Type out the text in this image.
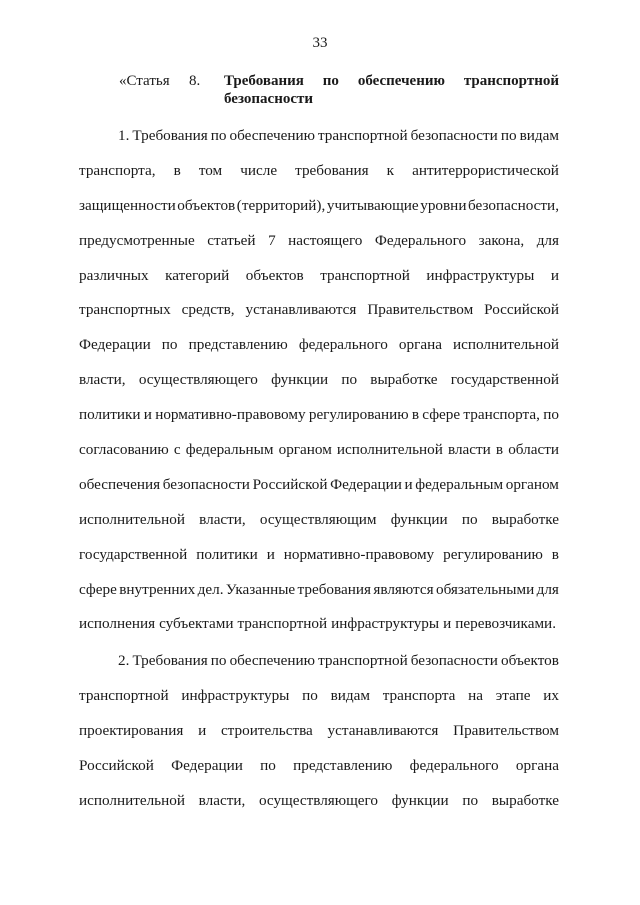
33
«Статья 8. Требования по обеспечению транспортной
безопасности
1. Требования по обеспечению транспортной безопасности по видам
транспорта, в том числе требования к антитеррористической
защищенности объектов (территорий), учитывающие уровни безопасности,
предусмотренные статьей 7 настоящего Федерального закона, для
различных категорий объектов транспортной инфраструктуры и
транспортных средств, устанавливаются Правительством Российской
Федерации по представлению федерального органа исполнительной
власти, осуществляющего функции по выработке государственной
политики и нормативно-правовому регулированию в сфере транспорта, по
согласованию с федеральным органом исполнительной власти в области
обеспечения безопасности Российской Федерации и федеральным органом
исполнительной власти, осуществляющим функции по выработке
государственной политики и нормативно-правовому регулированию в
сфере внутренних дел. Указанные требования являются обязательными для
исполнения субъектами транспортной инфраструктуры и перевозчиками.
2. Требования по обеспечению транспортной безопасности объектов
транспортной инфраструктуры по видам транспорта на этапе их
проектирования и строительства устанавливаются Правительством
Российской Федерации по представлению федерального органа
исполнительной власти, осуществляющего функции по выработке
